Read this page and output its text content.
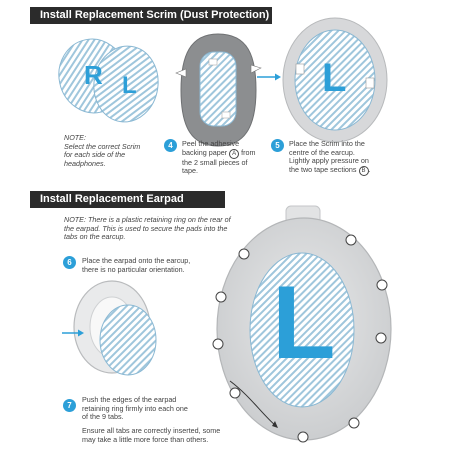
Install Replacement Scrim (Dust Protection)
Install Replacement Earpad
R L	L
NOTE:
Select the correct Scrim
for each side of the
headphones.
4	Peel the adhesive
backing paper A from
the 2 small pieces of
tape.
5	Place the Scrim into the
centre of the earcup.
Lightly apply pressure on
the two tape sections B .
NOTE: There is a plastic retaining ring on the rear of
the earpad. This is used to secure the pads into the
tabs on the earcup.
6	Place the earpad onto the earcup,
there is no particular orientation.
7
Push the edges of the earpad
retaining ring firmly into each one
of the 9 tabs.
Ensure all tabs are correctly inserted, some
may take a little more force than others.
L
